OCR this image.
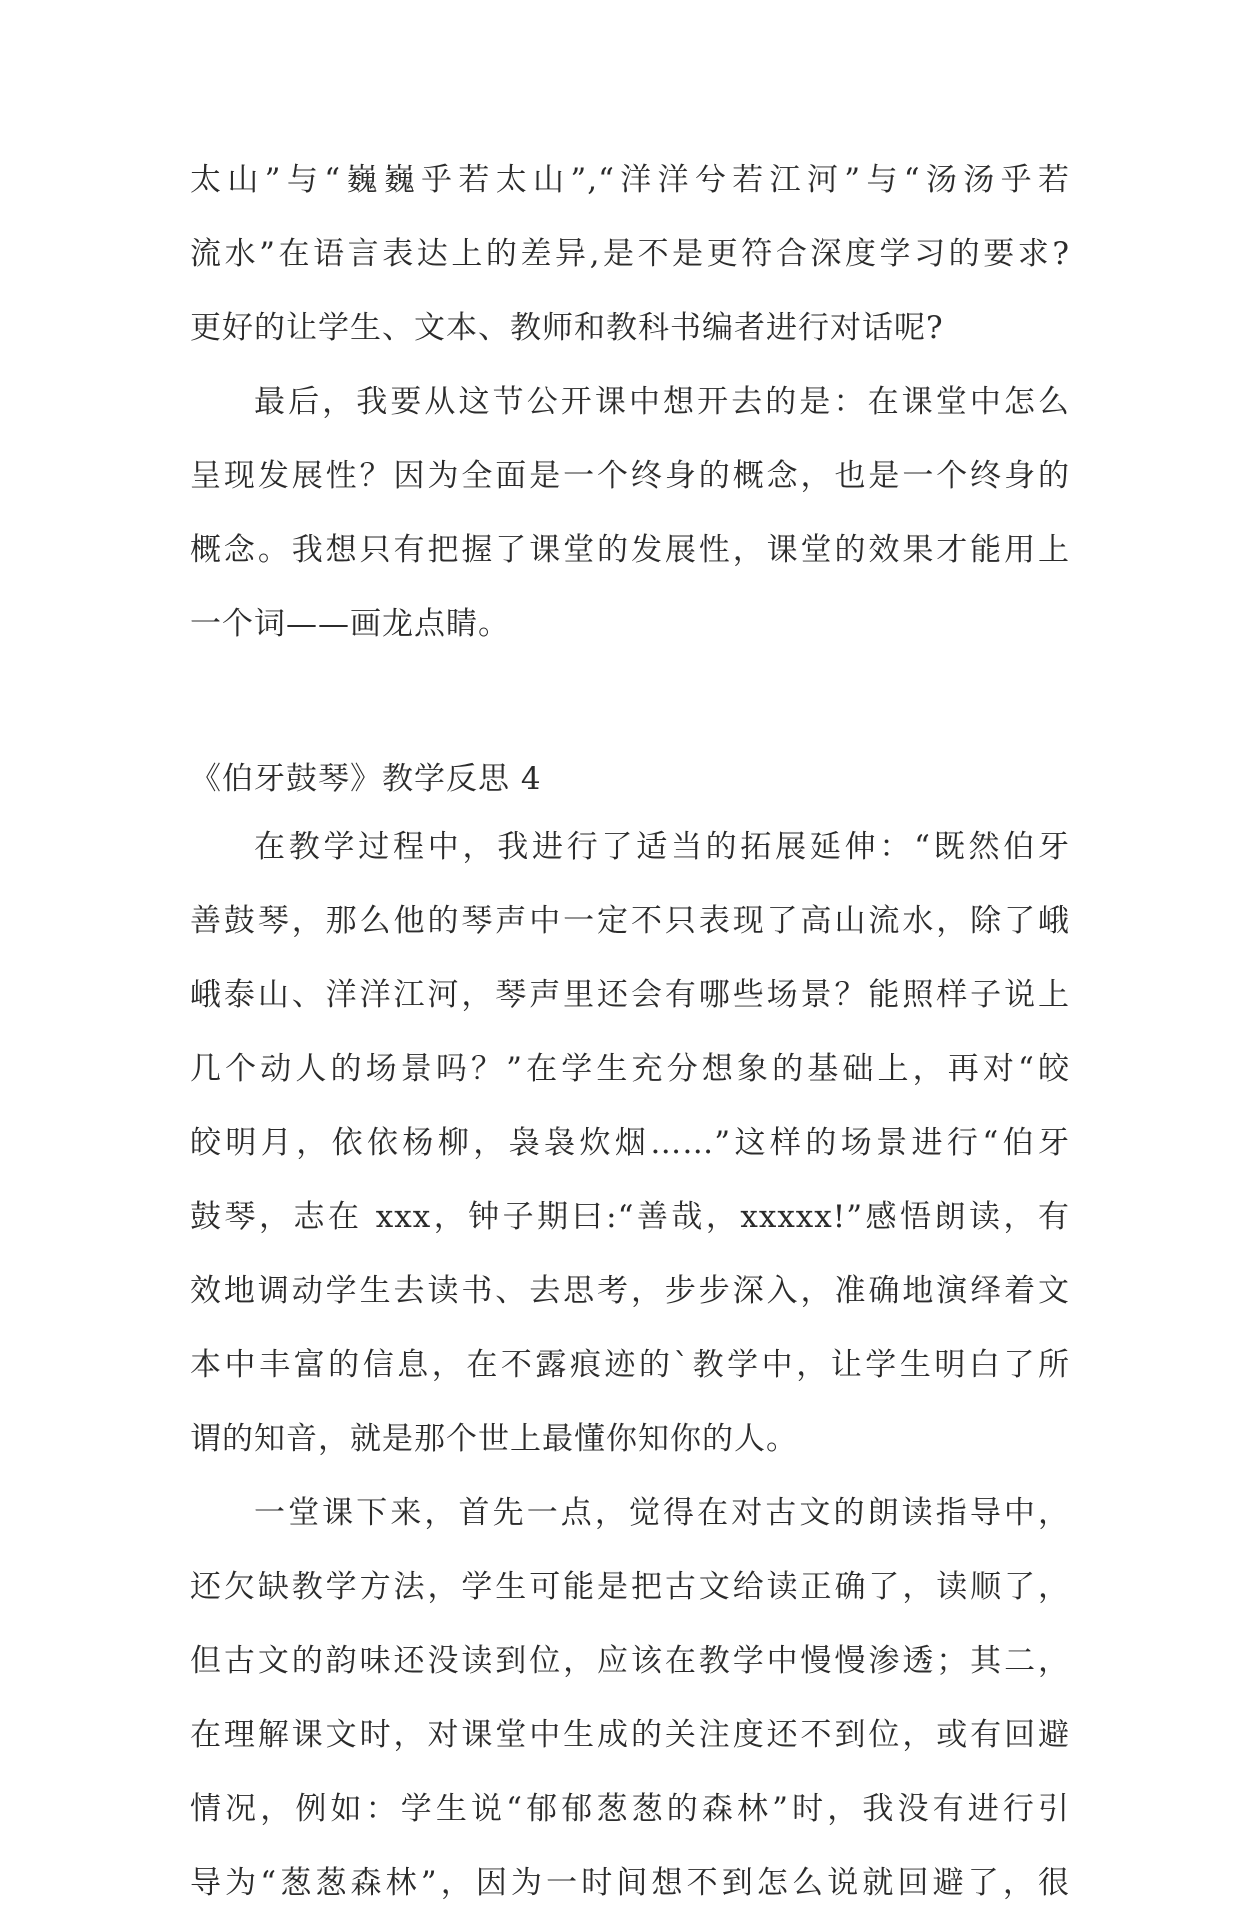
太山”与“巍巍乎若太山”,“洋洋兮若江河”与“汤汤乎若
流水”在语言表达上的差异,是不是更符合深度学习的要求?
更好的让学生、文本、教师和教科书编者进行对话呢?
最后，我要从这节公开课中想开去的是：在课堂中怎么
呈现发展性？因为全面是一个终身的概念，也是一个终身的
概念。我想只有把握了课堂的发展性，课堂的效果才能用上
一个词——画龙点睛。
《伯牙鼓琴》教学反思 4
在教学过程中，我进行了适当的拓展延伸：“既然伯牙
善鼓琴，那么他的琴声中一定不只表现了高山流水，除了峨
峨泰山、洋洋江河，琴声里还会有哪些场景？能照样子说上
几个动人的场景吗？”在学生充分想象的基础上，再对“皎
皎明月，依依杨柳，袅袅炊烟……”这样的场景进行“伯牙
鼓琴，志在 xxx，钟子期曰:“善哉，xxxxx!”感悟朗读，有
效地调动学生去读书、去思考，步步深入，准确地演绎着文
本中丰富的信息，在不露痕迹的`教学中，让学生明白了所
谓的知音，就是那个世上最懂你知你的人。
一堂课下来，首先一点，觉得在对古文的朗读指导中，
还欠缺教学方法，学生可能是把古文给读正确了，读顺了，
但古文的韵味还没读到位，应该在教学中慢慢渗透；其二，
在理解课文时，对课堂中生成的关注度还不到位，或有回避
情况，例如：学生说“郁郁葱葱的森林”时，我没有进行引
导为“葱葱森林”，因为一时间想不到怎么说就回避了，很
